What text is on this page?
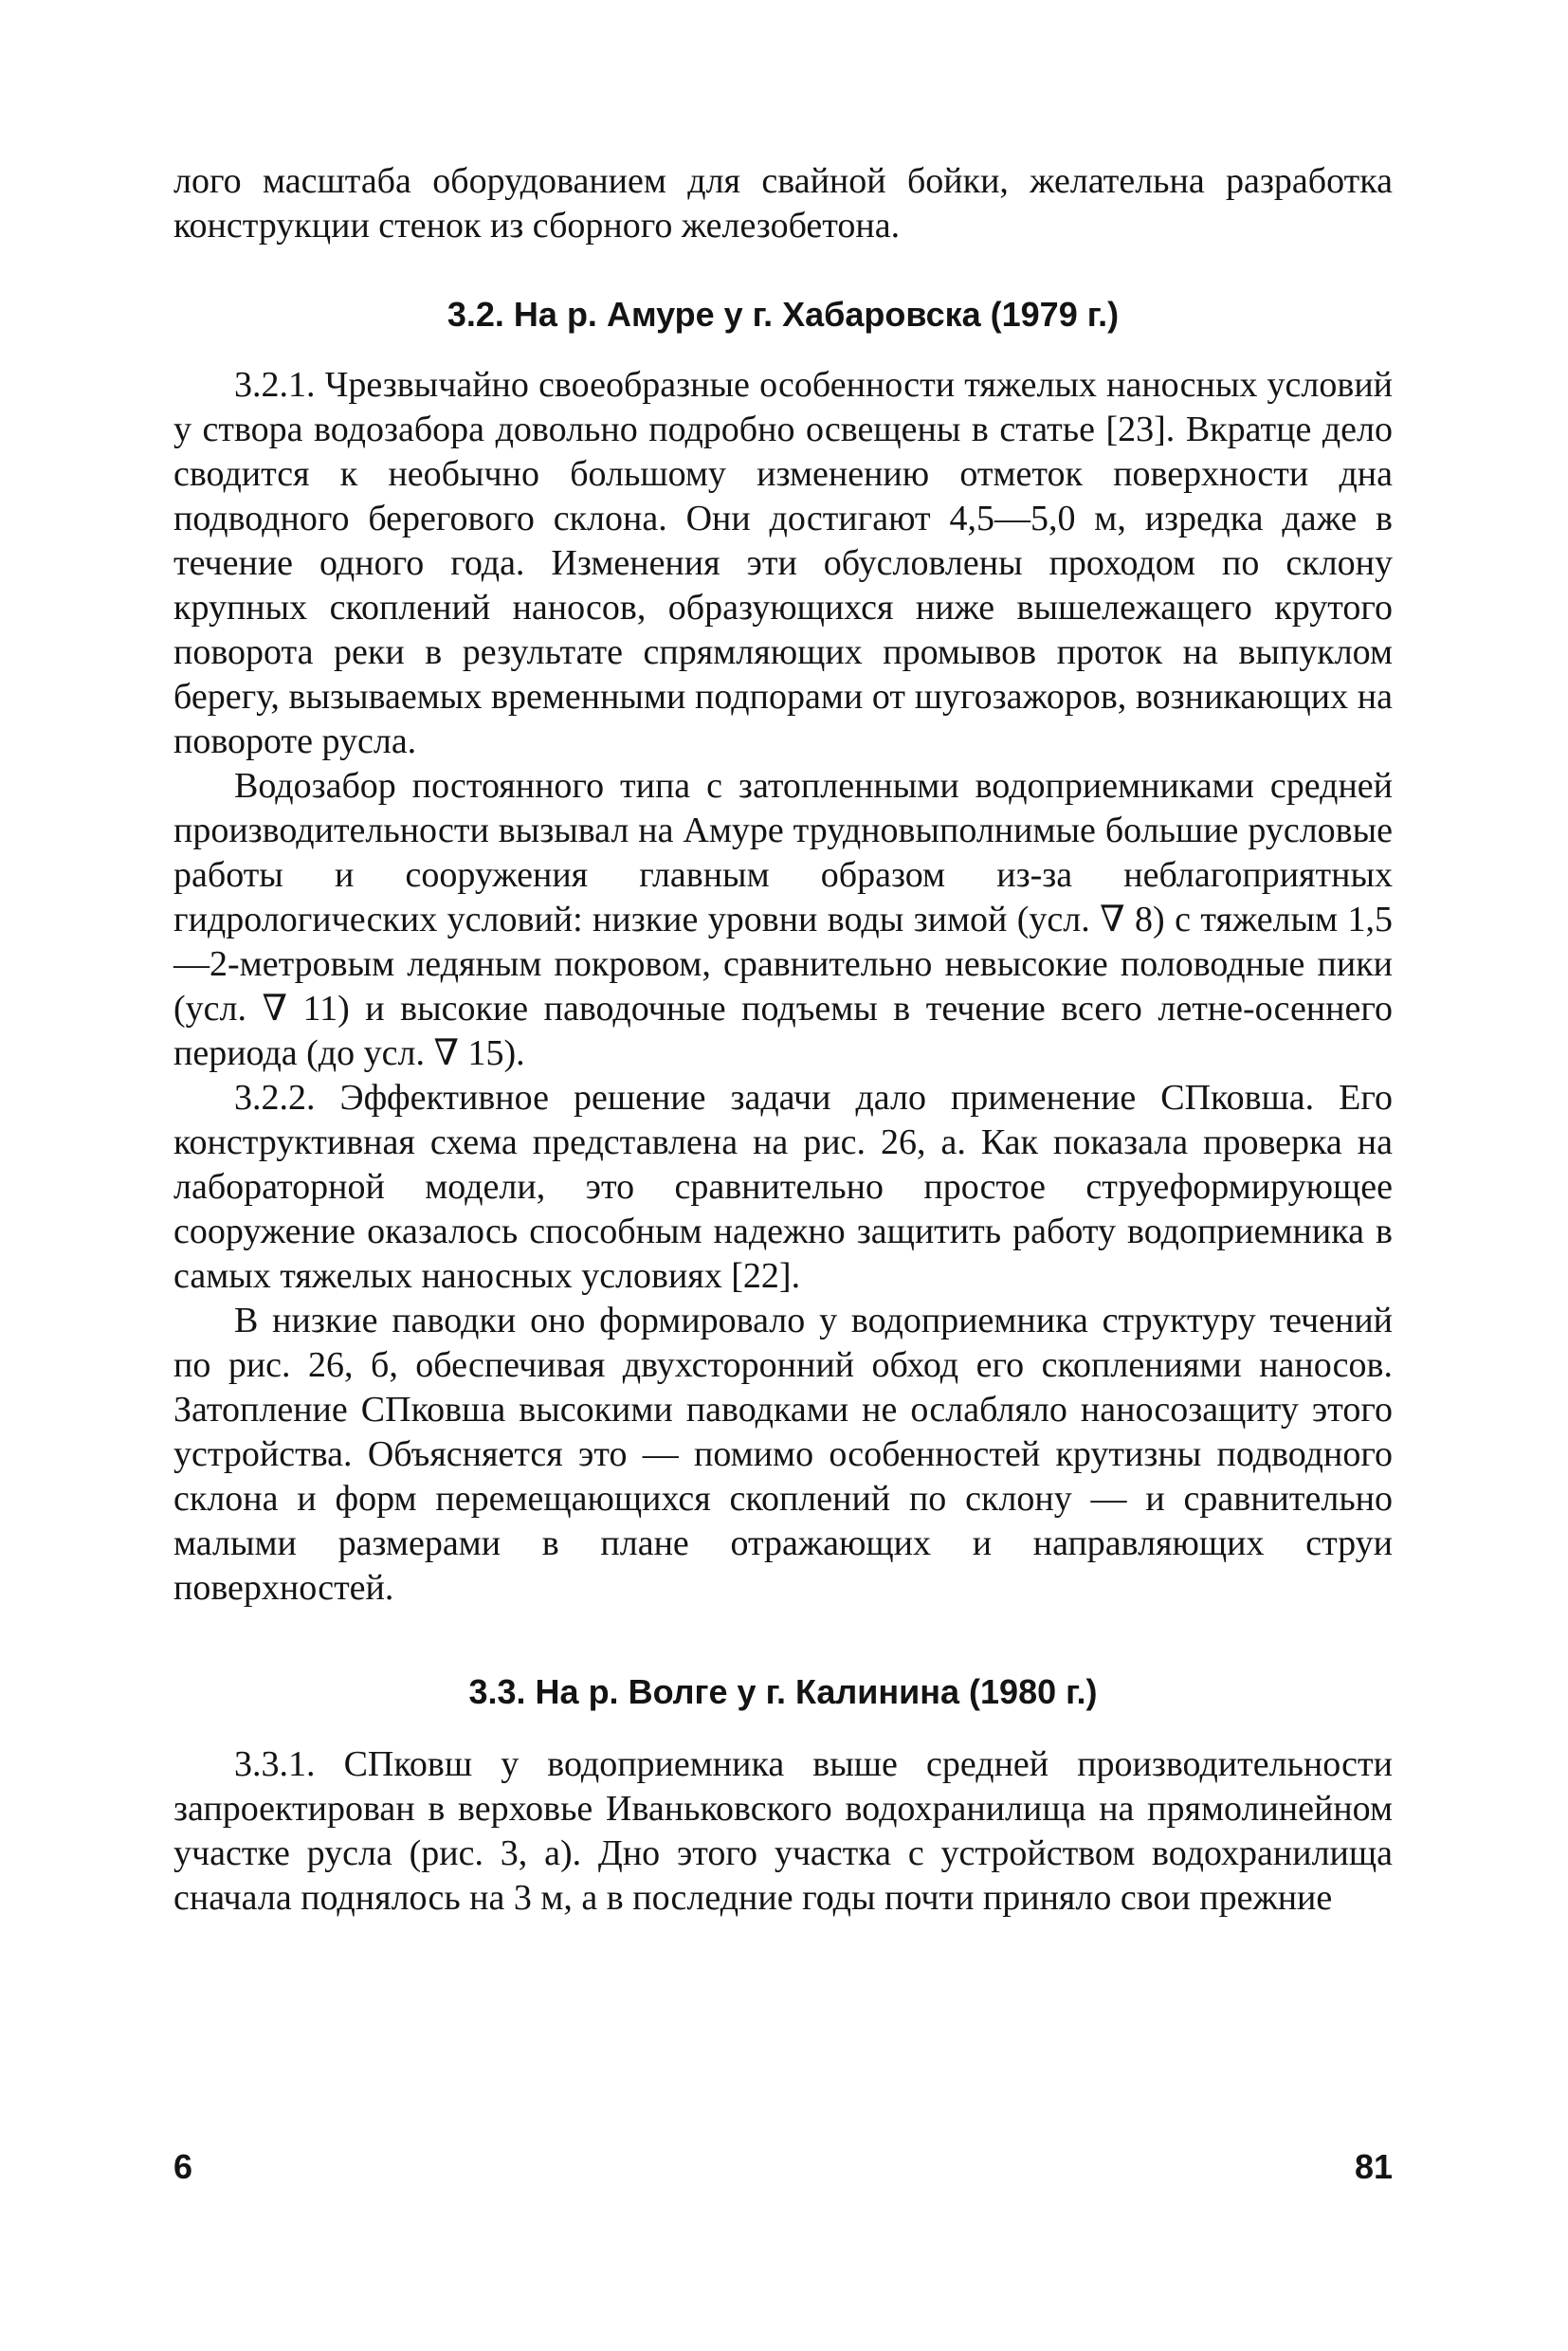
лого масштаба оборудованием для свайной бойки, желательна разработка конструкции стенок из сборного железобетона.

3.2. На р. Амуре у г. Хабаровска (1979 г.)

3.2.1. Чрезвычайно своеобразные особенности тяжелых наносных условий у створа водозабора довольно подробно освещены в статье [23]. Вкратце дело сводится к необычно большому изменению отметок поверхности дна подводного берегового склона. Они достигают 4,5—5,0 м, изредка даже в течение одного года. Изменения эти обусловлены проходом по склону крупных скоплений наносов, образующихся ниже вышележащего крутого поворота реки в результате спрямляющих промывов проток на выпуклом берегу, вызываемых временными подпорами от шугозажоров, возникающих на повороте русла.

Водозабор постоянного типа с затопленными водоприемниками средней производительности вызывал на Амуре трудновыполнимые большие русловые работы и сооружения главным образом из-за неблагоприятных гидрологических условий: низкие уровни воды зимой (усл. ∇ 8) с тяжелым 1,5—2-метровым ледяным покровом, сравнительно невысокие половодные пики (усл. ∇ 11) и высокие паводочные подъемы в течение всего летне-осеннего периода (до усл. ∇ 15).

3.2.2. Эффективное решение задачи дало применение СПковша. Его конструктивная схема представлена на рис. 26, а. Как показала проверка на лабораторной модели, это сравнительно простое струеформирующее сооружение оказалось способным надежно защитить работу водоприемника в самых тяжелых наносных условиях [22].

В низкие паводки оно формировало у водоприемника структуру течений по рис. 26, б, обеспечивая двухсторонний обход его скоплениями наносов. Затопление СПковша высокими паводками не ослабляло наносозащиту этого устройства. Объясняется это — помимо особенностей крутизны подводного склона и форм перемещающихся скоплений по склону — и сравнительно малыми размерами в плане отражающих и направляющих струи поверхностей.

3.3. На р. Волге у г. Калинина (1980 г.)

3.3.1. СПковш у водоприемника выше средней производительности запроектирован в верховье Иваньковского водохранилища на прямолинейном участке русла (рис. 3, а). Дно этого участка с устройством водохранилища сначала поднялось на 3 м, а в последние годы почти приняло свои прежние

6	81
